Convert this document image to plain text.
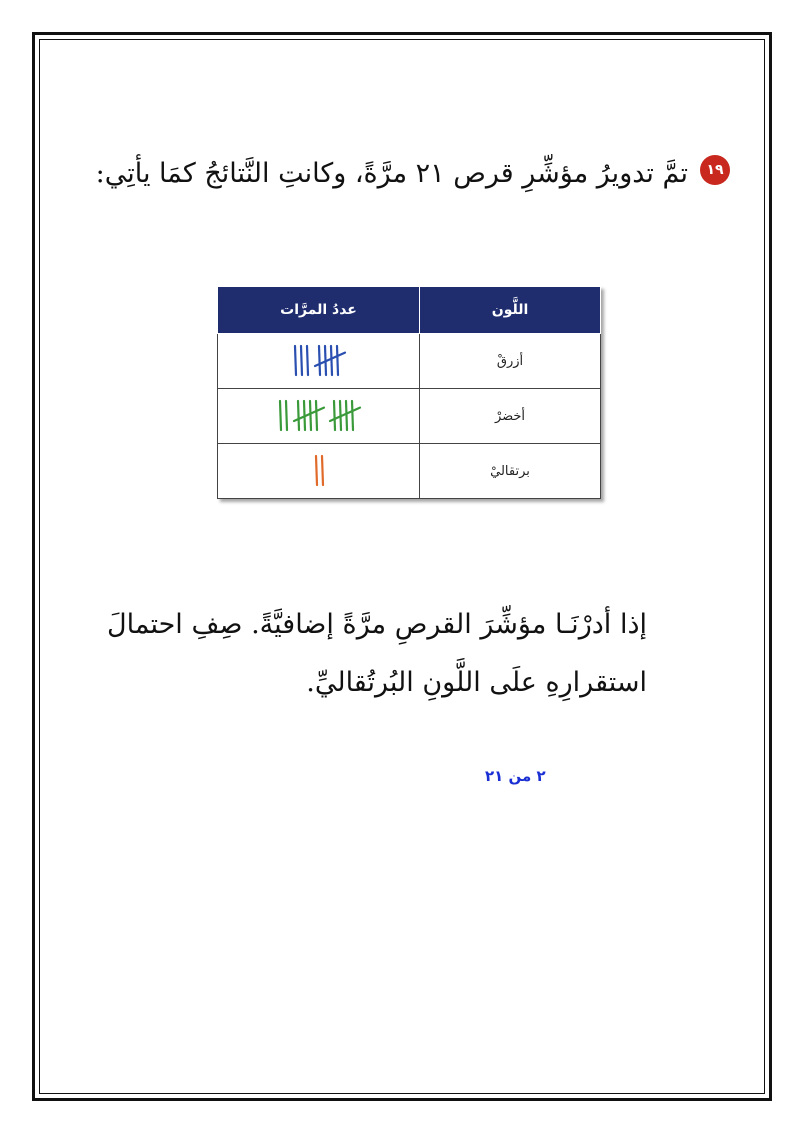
١٩
تمَّ تدويرُ مؤشِّرِ قرص ٢١ مرَّةً، وكانتِ النَّتائجُ كمَا يأتِي:
اللَّون	عددُ المرَّات
أزرقْ	

أخضرْ	

برتقاليْ	
إذا أدرْنَـا مؤشِّرَ القرصِ مرَّةً إضافيَّةً. صِفِ احتمالَ استقرارِهِ علَى اللَّونِ البُرتُقاليِّ.
٢ من ٢١
